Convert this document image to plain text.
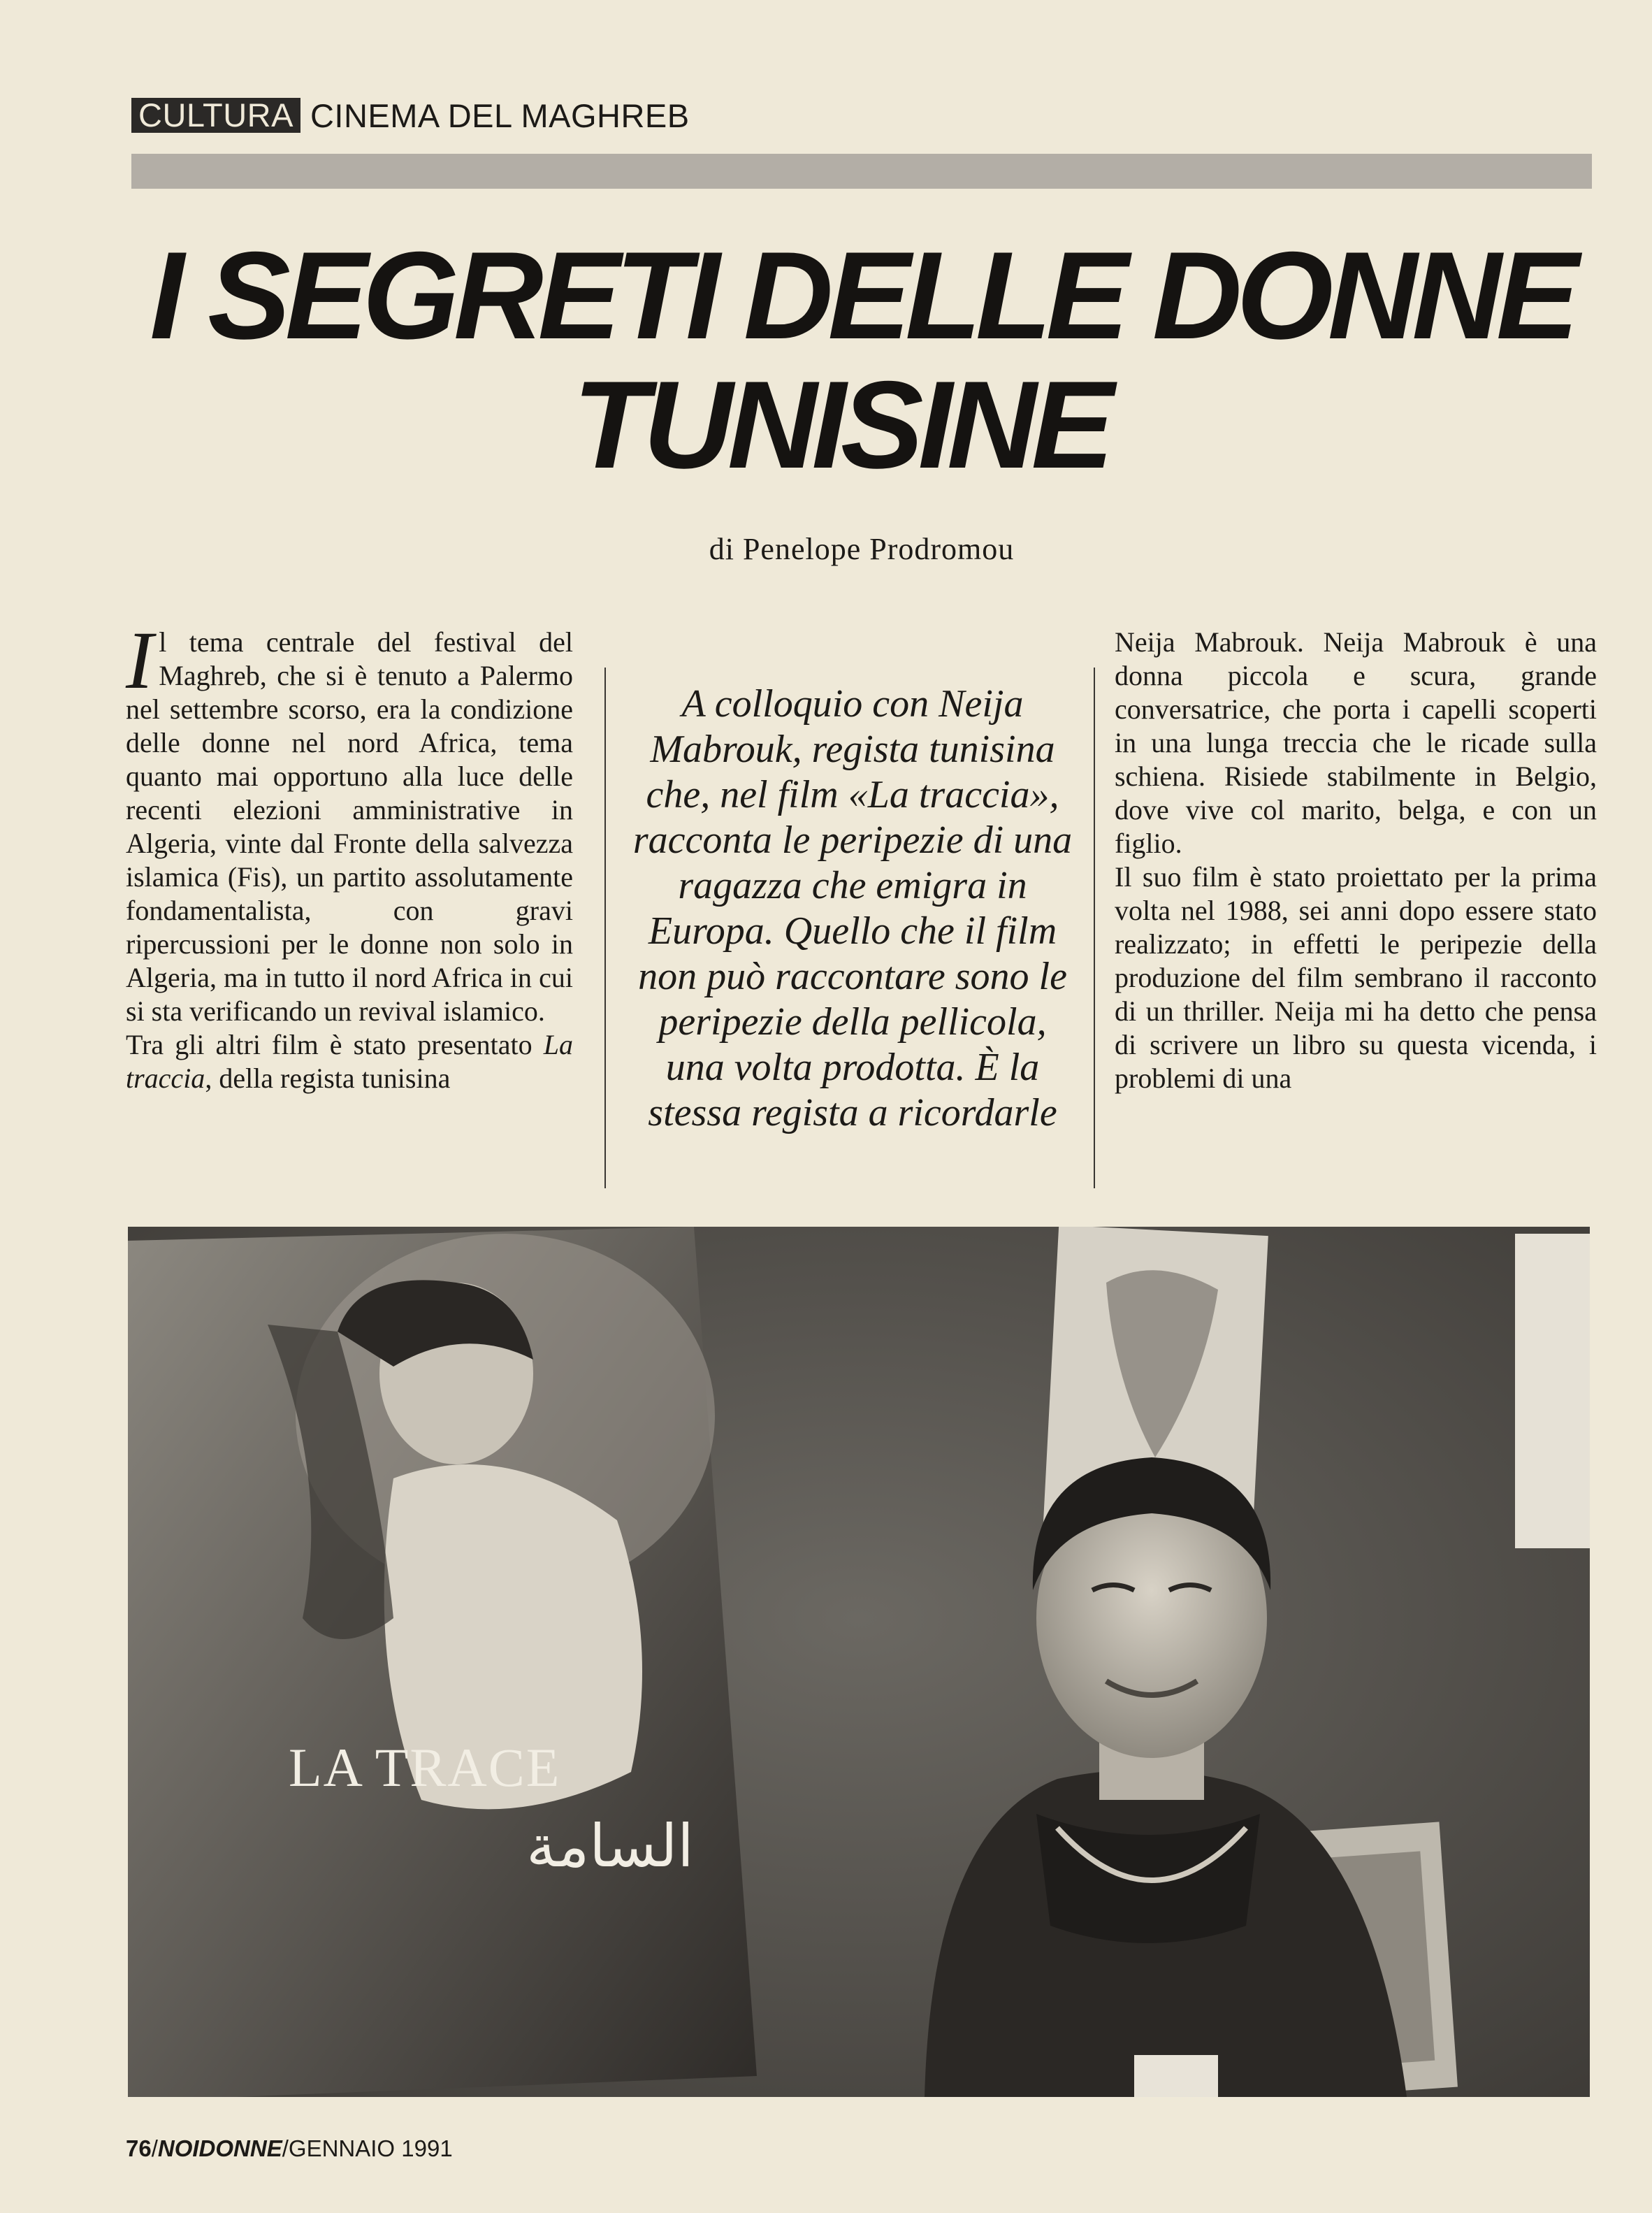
CULTURA CINEMA DEL MAGHREB
I SEGRETI DELLE DONNE
TUNISINE
di Penelope Prodromou

Il tema centrale del festival del Maghreb, che si è tenuto a Palermo nel settembre scorso, era la condizione delle donne nel nord Africa, tema quanto mai opportuno alla luce delle recenti elezioni amministrative in Algeria, vinte dal Fronte della salvezza islamica (Fis), un partito assolutamente fondamentalista, con gravi ripercussioni per le donne non solo in Algeria, ma in tutto il nord Africa in cui si sta verificando un revival islamico.

Tra gli altri film è stato presentato La traccia, della regista tunisina

A colloquio con Neija Mabrouk, regista tunisina che, nel film «La traccia», racconta le peripezie di una ragazza che emigra in Europa. Quello che il film non può raccontare sono le peripezie della pellicola, una volta prodotta. È la stessa regista a ricordarle

Neija Mabrouk. Neija Mabrouk è una donna piccola e scura, grande conversatrice, che porta i capelli scoperti in una lunga treccia che le ricade sulla schiena. Risiede stabilmente in Belgio, dove vive col marito, belga, e con un figlio.

Il suo film è stato proiettato per la prima volta nel 1988, sei anni dopo essere stato realizzato; in effetti le peripezie della produzione del film sembrano il racconto di un thriller. Neija mi ha detto che pensa di scrivere un libro su questa vicenda, i problemi di una

LA TRACE
السامة
76/NOIDONNE/GENNAIO 1991
